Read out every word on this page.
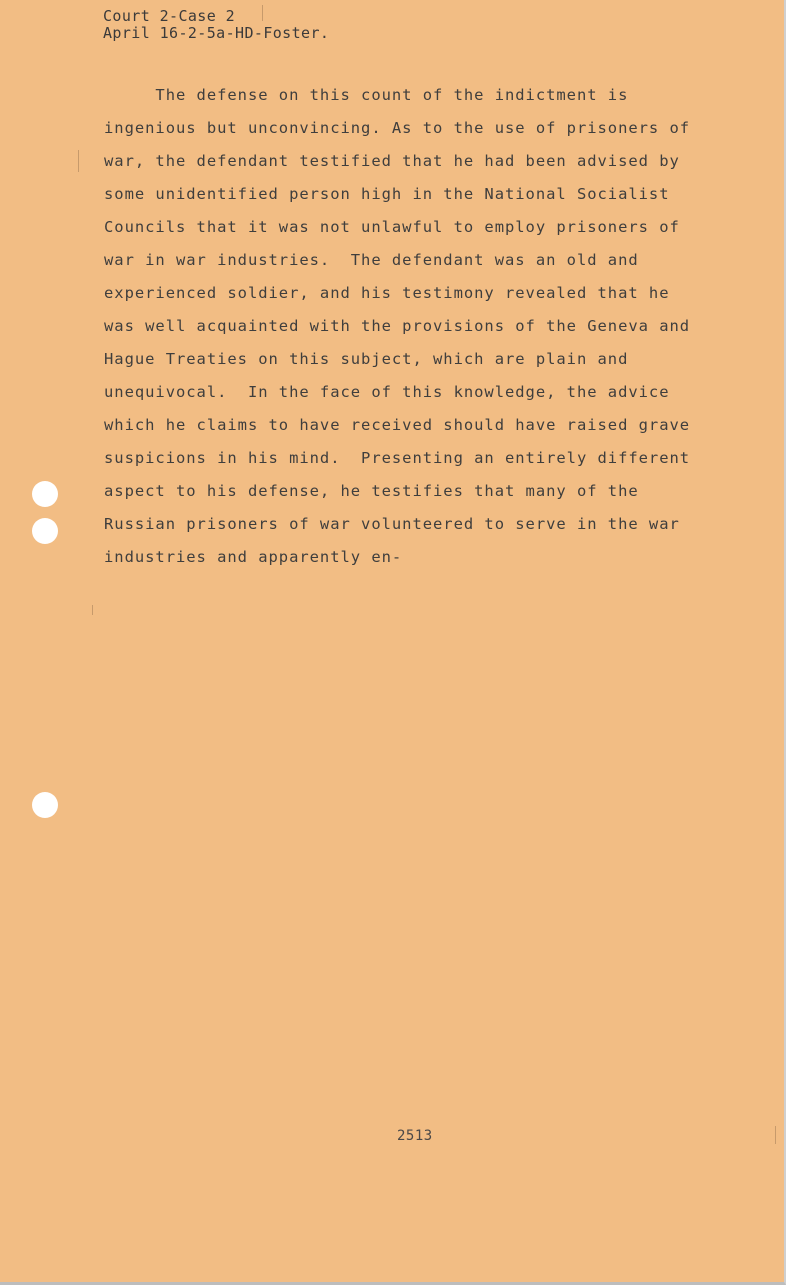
Court 2-Case 2
April 16-2-5a-HD-Foster.
The defense on this count of the indictment is
ingenious but unconvincing. As to the use of prisoners of
war, the defendant testified that he had been advised by
some unidentified person high in the National Socialist
Councils that it was not unlawful to employ prisoners of
war in war industries.  The defendant was an old and
experienced soldier, and his testimony revealed that he
was well acquainted with the provisions of the Geneva and
Hague Treaties on this subject, which are plain and
unequivocal.  In the face of this knowledge, the advice
which he claims to have received should have raised grave
suspicions in his mind.  Presenting an entirely different
aspect to his defense, he testifies that many of the
Russian prisoners of war volunteered to serve in the war
industries and apparently en-
2513
